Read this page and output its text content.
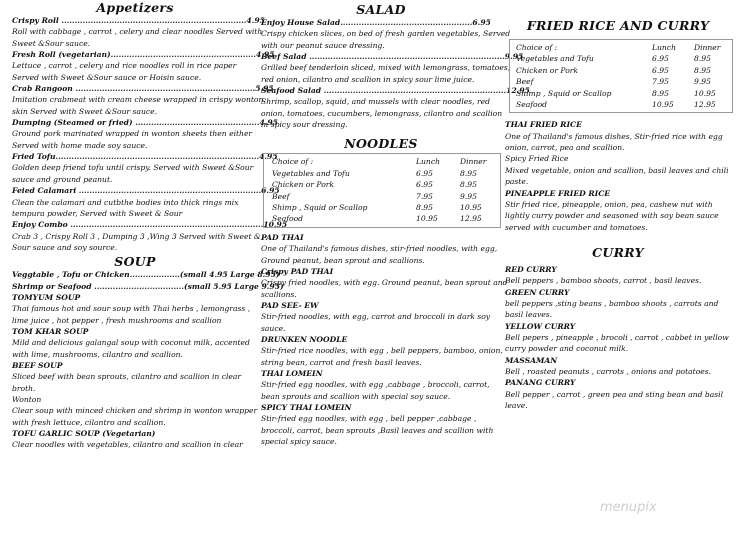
Appetizers

Crispy Roll ......................................................................4.95

Roll with cabbage , carrot , celery and clear noodles Served with

Sweet &Sour sauce.

Fresh Roll (vegetarian).......................................................4.95

Lettuce , carrot , celery and rice noodles roll in rice paper

Served with Sweet &Sour sauce or Hoisin sauce.

Crab Rangoon ....................................................................5.95

Imitation crabmeat with cream cheese wrapped in crispy wonton

skin Served with Sweet &Sour sauce.

Dumping (Steamed or fried) ...............................................4.95

Ground pork marinated wrapped in wonton sheets then either

Served with home made soy sauce.

Fried Tofu.............................................................................4.95

Golden deep friend tofu until crispy. Served with Sweet &Sour

sauce and ground peanut.

Feied Calamari .....................................................................6.95

Clean the calamari and cutbthe bodies into thick rings mix

tempura powder, Served with Sweet & Sour

Enjoy Combo .........................................................................10.95

Crab 3 , Crispy Roll 3 , Dumping 3 ,Wing 3 Served with Sweet &

Sour sauce and soy source.

SOUP

Veggtable , Tofu or Chicken...................(small 4.95 Large 8.95)

Shrimp or Seafood ..................................(small 5.95 Large 9.95)

TOMYUM SOUP

Thai famous hot and sour soup with Thai herbs , lemongrass ,

lime juice , hot pepper , fresh mushrooms and scallion

TOM KHAR SOUP

Mild and delicious galangal soup with coconut milk, accented

with lime, mushrooms, cilantro and scallion.

BEEF SOUP

Sliced beef with bean sprouts, cilantro and scallion in clear

broth.

Wonton

Clear soup with minced chicken and shrimp in wonton wrapper

with fresh lettuce, cilantro and scallion.

TOFU GARLIC SOUP (Vegetarian)

Clear noodles with vegetables, cilantro and scallion in clear

SALAD

Enjoy House Salad..................................................6.95

Crispy chicken slices, on bed of fresh garden vegetables, Served

with our peanut sauce dressing.

Beef Salad ..........................................................................9.95

Grilled beef tenderloin sliced, mixed with lemongrass, tomatoes,

red onion, cilantro and scallion in spicy sour lime juice.

Seafood Salad .....................................................................12.95

Shrimp, scallop, squid, and mussels with clear noodles, red

onion, tomatoes, cucumbers, lemongrass, cilantro and scallion

in spicy sour dressing.

NOODLES

Choice of :	Lunch	Dinner
Vegetables and Tofu	6.95	8.95
Chicken or Pork	6.95	8.95
Beef	7.95	9.95
Shimp , Squid or Scallop	8.95	10.95
Seafood	10.95	12.95

PAD THAI

One of Thailand's famous dishes, stir-fried noodles, with egg,

Ground peanut, bean sprout and scallions.

Crispy PAD THAI

Crispy fried noodles, with egg. Ground peanut, bean sprout and

scallions.

PAD SEE- EW

Stir-fried noodles, with egg, carrot and broccoli in dark soy

sauce.

DRUNKEN NOODLE

Stir-fried rice noodles, with egg , bell peppers, bamboo, onion,

string bean, carrot and fresh basil leaves.

THAI LOMEIN

Stir-fried egg noodles, with egg ,cabbage , broccoli, carrot,

bean sprouts and scallion with special soy sauce.

SPICY THAI LOMEIN

Stir-fried egg noodles, with egg , bell pepper ,cabbage ,

broccoli, carrot, bean sprouts ,Basil leaves and scallion with

special spicy sauce.

FRIED RICE AND CURRY

Choice of :	Lunch	Dinner
Vegetables and Tofu	6.95	8.95
Chicken or Pork	6.95	8.95
Beef	7.95	9.95
Shimp , Squid or Scallop	8.95	10.95
Seafood	10.95	12.95

THAI FRIED RICE

One of Thailand's famous dishes, Stir-fried rice with egg

onion, carrot, pea and scallion.

Spicy Fried Rice

Mixed vegetable, onion and scallion, basil leaves and chili

paste.

PINEAPPLE FRIED RICE

Stir fried rice, pineapple, onion, pea, cashew nut with

lightly curry powder and seasoned with soy bean sauce

served with cucumber and tomatoes.

CURRY

RED CURRY

Bell peppers , bamboo shoots, carrot , basil leaves.

GREEN CURRY

bell peppers ,sting beans , bamboo shoots , carrots and

basil leaves.

YELLOW CURRY

Bell pepers , pineapple , brocoli , carrot , cabbet in yellow

curry powder and coconut milk.

MASSAMAN

Bell , roasted peanuts , carrots , onions and potatoes.

PANANG CURRY

Bell pepper , carrot , green pea and sting bean and basil

leave.

menupix
